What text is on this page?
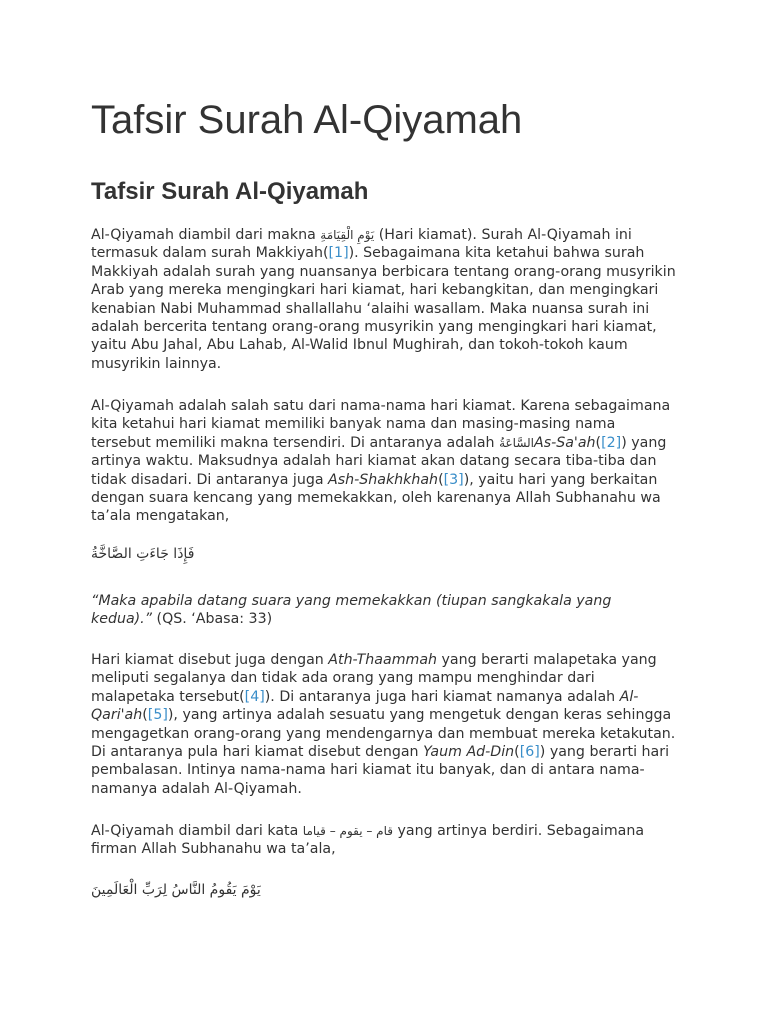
Tafsir Surah Al-Qiyamah
Tafsir Surah Al-Qiyamah

Al-Qiyamah diambil dari makna يَوْمِ الْقِيَامَةِ (Hari kiamat). Surah Al-Qiyamah ini termasuk dalam surah Makkiyah([1]). Sebagaimana kita ketahui bahwa surah Makkiyah adalah surah yang nuansanya berbicara tentang orang-orang musyrikin Arab yang mereka mengingkari hari kiamat, hari kebangkitan, dan mengingkari kenabian Nabi Muhammad shallallahu ‘alaihi wasallam. Maka nuansa surah ini adalah bercerita tentang orang-orang musyrikin yang mengingkari hari kiamat, yaitu Abu Jahal, Abu Lahab, Al-Walid Ibnul Mughirah, dan tokoh-tokoh kaum musyrikin lainnya.

Al-Qiyamah adalah salah satu dari nama-nama hari kiamat. Karena sebagaimana kita ketahui hari kiamat memiliki banyak nama dan masing-masing nama tersebut memiliki makna tersendiri. Di antaranya adalah السَّاعَةُAs-Sa'ah([2]) yang artinya waktu. Maksudnya adalah hari kiamat akan datang secara tiba-tiba dan tidak disadari. Di antaranya juga Ash-Shakhkhah([3]), yaitu hari yang berkaitan dengan suara kencang yang memekakkan, oleh karenanya Allah Subhanahu wa ta’ala mengatakan,

فَإِذَا جَاءَتِ الصَّاخَّةُ

“Maka apabila datang suara yang memekakkan (tiupan sangkakala yang kedua).” (QS. ‘Abasa: 33)

Hari kiamat disebut juga dengan Ath-Thaammah yang berarti malapetaka yang meliputi segalanya dan tidak ada orang yang mampu menghindar dari malapetaka tersebut([4]). Di antaranya juga hari kiamat namanya adalah Al-Qari'ah([5]), yang artinya adalah sesuatu yang mengetuk dengan keras sehingga mengagetkan orang-orang yang mendengarnya dan membuat mereka ketakutan. Di antaranya pula hari kiamat disebut dengan Yaum Ad-Din([6]) yang berarti hari pembalasan. Intinya nama-nama hari kiamat itu banyak, dan di antara nama-namanya adalah Al-Qiyamah.

Al-Qiyamah diambil dari kata قام – يقوم – قياما yang artinya berdiri. Sebagaimana firman Allah Subhanahu wa ta’ala,

يَوْمَ يَقُومُ النَّاسُ لِرَبِّ الْعَالَمِينَ
